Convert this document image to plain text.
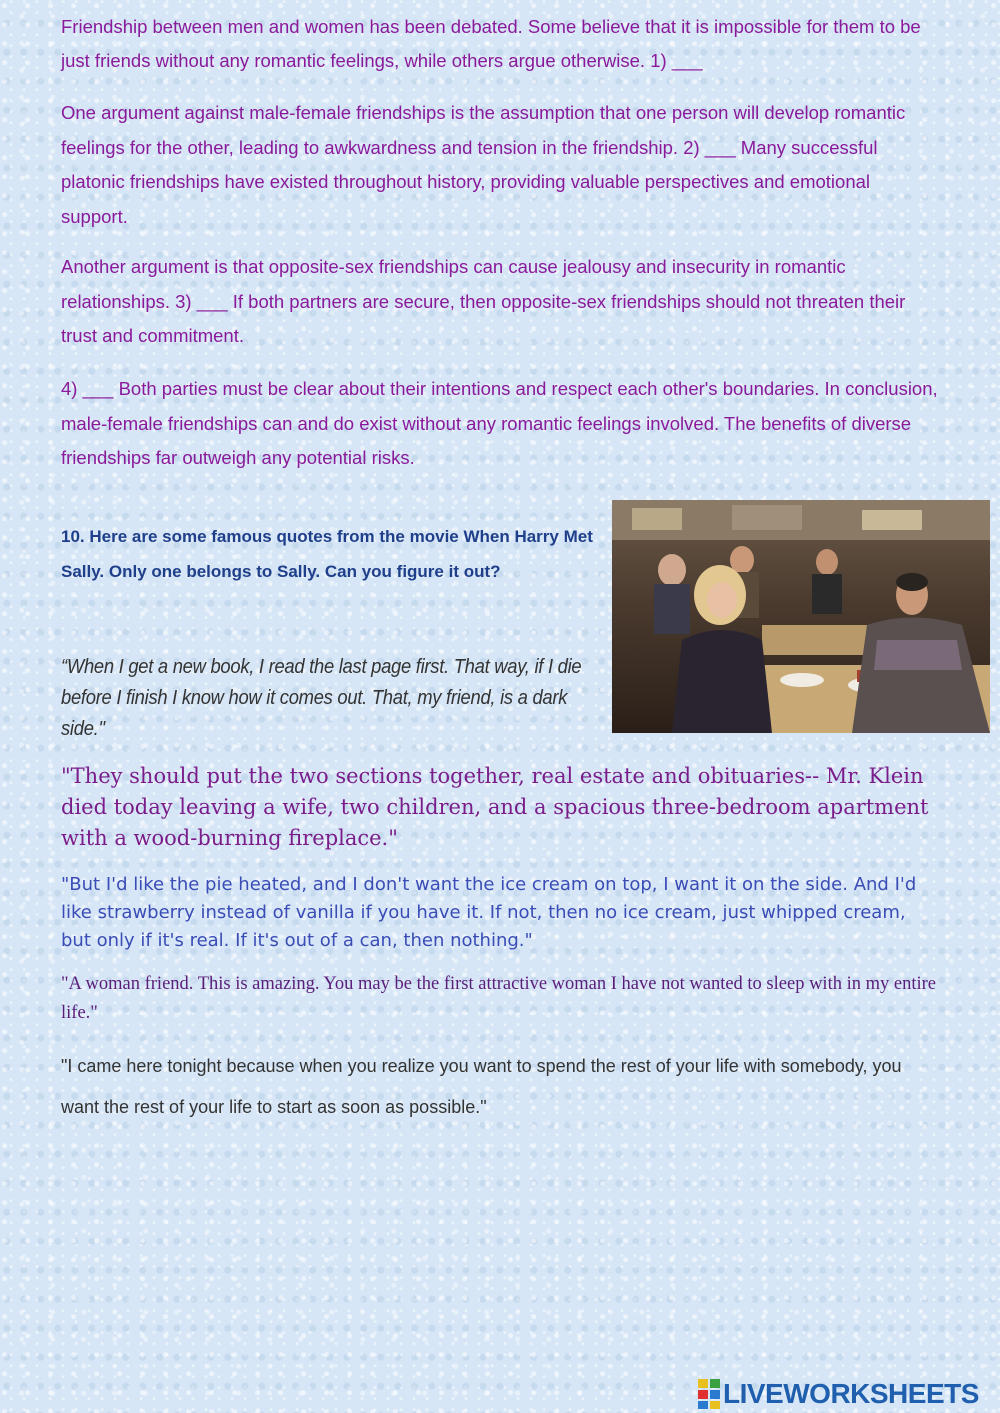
Friendship between men and women has been debated. Some believe that it is impossible for them to be just friends without any romantic feelings, while others argue otherwise. 1) ___

One argument against male-female friendships is the assumption that one person will develop romantic feelings for the other, leading to awkwardness and tension in the friendship. 2) ___ Many successful platonic friendships have existed throughout history, providing valuable perspectives and emotional support.

Another argument is that opposite-sex friendships can cause jealousy and insecurity in romantic relationships. 3) ___ If both partners are secure, then opposite-sex friendships should not threaten their trust and commitment.

4) ___ Both parties must be clear about their intentions and respect each other's boundaries. In conclusion, male-female friendships can and do exist without any romantic feelings involved. The benefits of diverse friendships far outweigh any potential risks.

10. Here are some famous quotes from the movie When Harry Met Sally. Only one belongs to Sally. Can you figure it out?

“When I get a new book, I read the last page first. That way, if I die before I finish I know how it comes out. That, my friend, is a dark side."

"They should put the two sections together, real estate and obituaries-- Mr. Klein died today leaving a wife, two children, and a spacious three-bedroom apartment with a wood-burning fireplace."

"But I'd like the pie heated, and I don't want the ice cream on top, I want it on the side. And I'd like strawberry instead of vanilla if you have it. If not, then no ice cream, just whipped cream, but only if it's real. If it's out of a can, then nothing."

"A woman friend. This is amazing. You may be the first attractive woman I have not wanted to sleep with in my entire life."

"I came here tonight because when you realize you want to spend the rest of your life with somebody, you want the rest of your life to start as soon as possible."

LIVEWORKSHEETS
